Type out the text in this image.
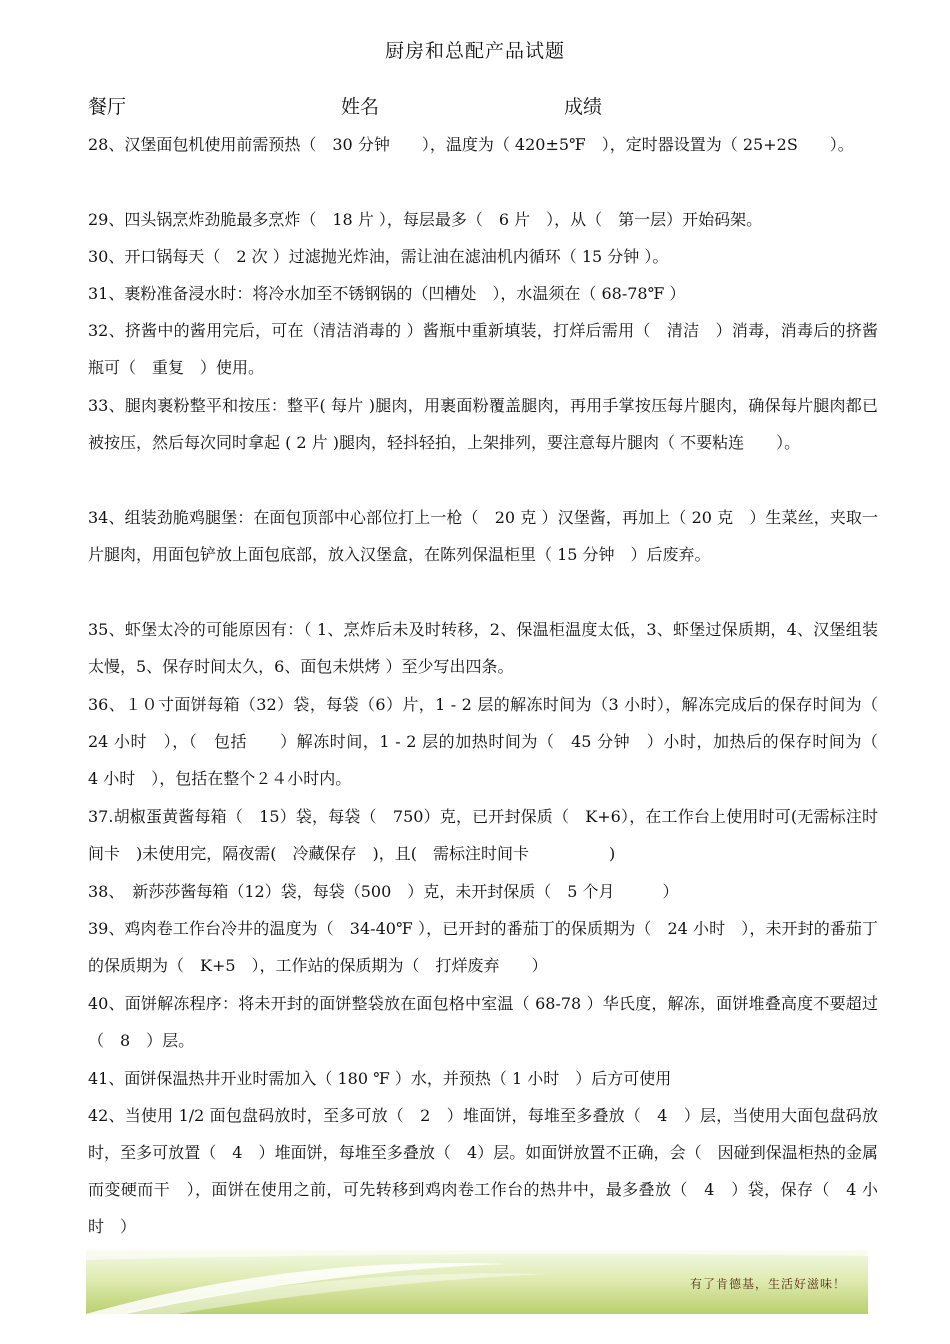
厨房和总配产品试题
餐厅	姓名	成绩
28、汉堡面包机使用前需预热（　30 分钟　　），温度为（ 420±5℉　），定时器设置为（ 25+2S　　）。
29、四头锅烹炸劲脆最多烹炸（　18 片 ），每层最多（　6 片　），从（　第一层）开始码架。
30、开口锅每天（　2 次 ）过滤抛光炸油，需让油在滤油机内循环（ 15 分钟 ）。
31、裹粉准备浸水时：将冷水加至不锈钢锅的（凹槽处　），水温须在（ 68-78℉ ）
32、挤酱中的酱用完后，可在（清洁消毒的 ）酱瓶中重新填装，打烊后需用（　清洁　）消毒，消毒后的挤酱瓶可（　重复　）使用。
33、腿肉裹粉整平和按压：整平( 每片 )腿肉，用裹面粉覆盖腿肉，再用手掌按压每片腿肉，确保每片腿肉都已被按压，然后每次同时拿起 ( 2 片 )腿肉，轻抖轻拍，上架排列，要注意每片腿肉（ 不要粘连　　）。
34、组装劲脆鸡腿堡：在面包顶部中心部位打上一枪（　20 克 ）汉堡酱，再加上（ 20 克　）生菜丝，夹取一片腿肉，用面包铲放上面包底部，放入汉堡盒，在陈列保温柜里（ 15 分钟　）后废弃。
35、虾堡太冷的可能原因有：（ 1、烹炸后未及时转移，2、保温柜温度太低，3、虾堡过保质期，4、汉堡组装太慢，5、保存时间太久，6、面包未烘烤 ）至少写出四条。
36、１０寸面饼每箱（32）袋，每袋（6）片，1 - 2 层的解冻时间为（3 小时），解冻完成后的保存时间为（　24 小时　），（　包括　　）解冻时间，1 - 2 层的加热时间为（　45 分钟　）小时，加热后的保存时间为（　4 小时　），包括在整个２４小时内。
37.胡椒蛋黄酱每箱（　15）袋，每袋（　750）克，已开封保质（　K+6），在工作台上使用时可(无需标注时间卡　)未使用完，隔夜需(　冷藏保存　)，且(　需标注时间卡　　　　　)
38、　新莎莎酱每箱（12）袋，每袋（500　）克，未开封保质（　5 个月　　　）
39、鸡肉卷工作台冷井的温度为（　34-40℉ ），已开封的番茄丁的保质期为（　24 小时　），未开封的番茄丁的保质期为（　K+5　），工作站的保质期为（　打烊废弃　　）
40、面饼解冻程序：将未开封的面饼整袋放在面包格中室温（ 68-78 ）华氏度，解冻，面饼堆叠高度不要超过（　8　）层。
41、面饼保温热井开业时需加入（ 180 ℉ ）水，并预热（ 1 小时　）后方可使用
42、当使用 1/2 面包盘码放时，至多可放（　2　）堆面饼，每堆至多叠放（　4　）层，当使用大面包盘码放时，至多可放置（　4　）堆面饼，每堆至多叠放（　4）层。如面饼放置不正确，会（　因碰到保温柜热的金属而变硬而干　），面饼在使用之前，可先转移到鸡肉卷工作台的热井中，最多叠放（　4　）袋，保存（　4 小时　）
有了肯德基，生活好滋味！
